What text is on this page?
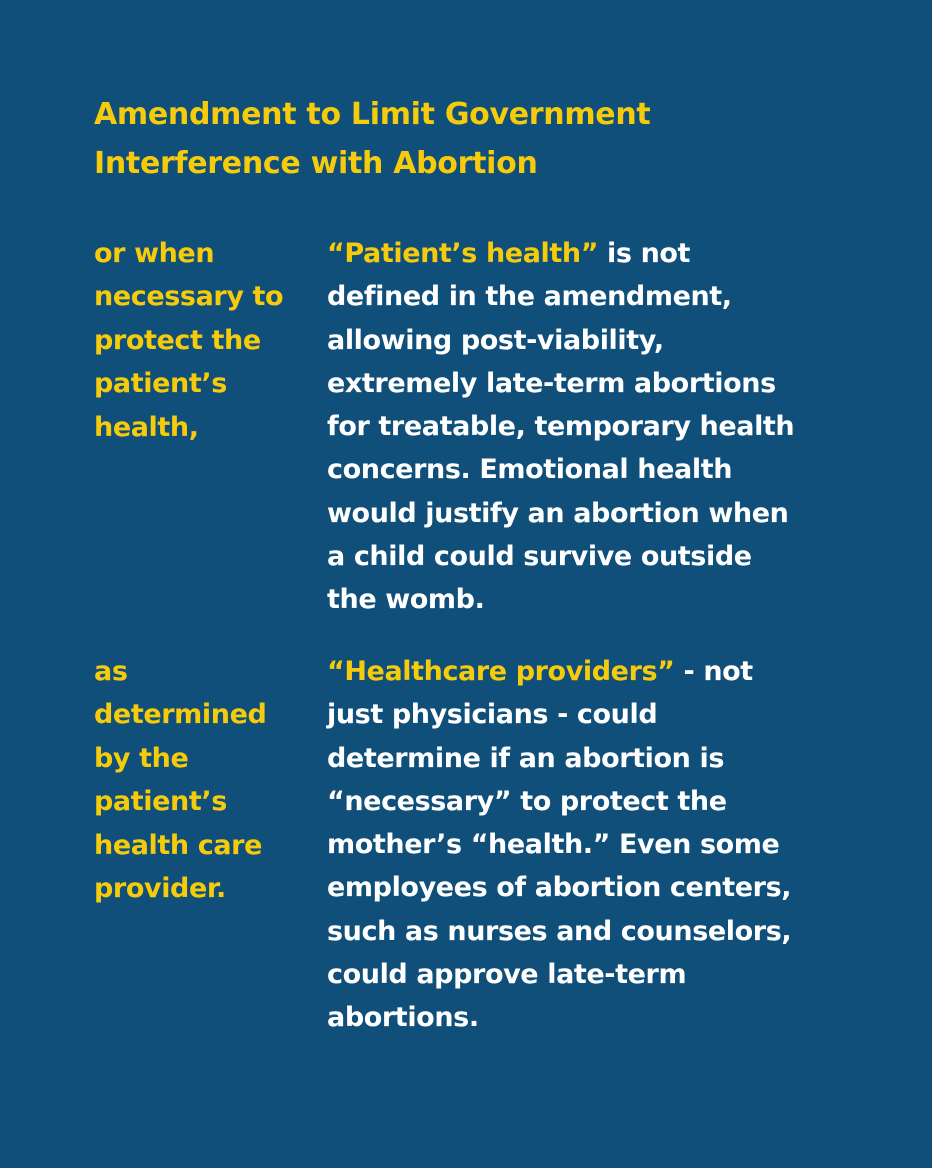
Amendment to Limit Government
Interference with Abortion
or when
necessary to
protect the
patient’s
health,
“Patient’s health” is not
defined in the amendment,
allowing post-viability,
extremely late-term abortions
for treatable, temporary health
concerns. Emotional health
would justify an abortion when
a child could survive outside
the womb.
as
determined
by the
patient’s
health care
provider.
“Healthcare providers” - not
just physicians - could
determine if an abortion is
“necessary” to protect the
mother’s “health.” Even some
employees of abortion centers,
such as nurses and counselors,
could approve late-term
abortions.
